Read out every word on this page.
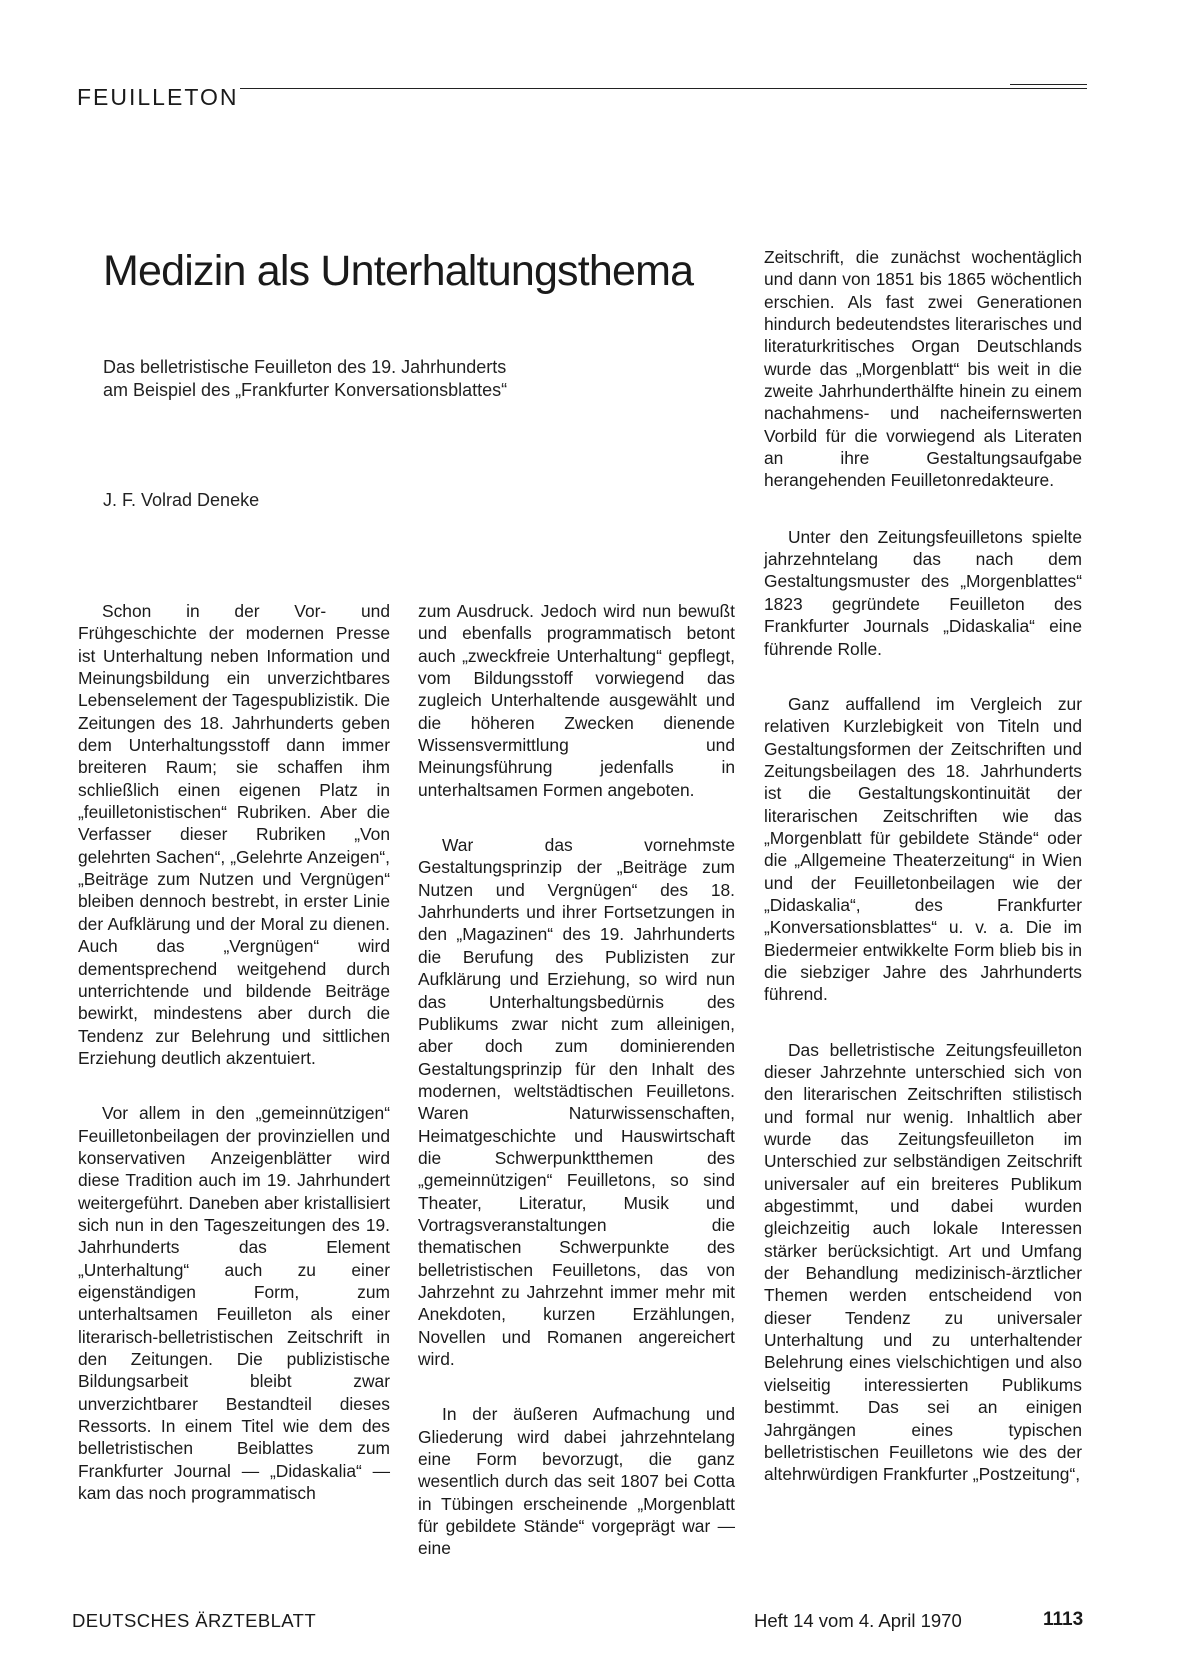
FEUILLETON
Medizin als Unterhaltungsthema
Das belletristische Feuilleton des 19. Jahrhunderts
am Beispiel des „Frankfurter Konversationsblattes“
J. F. Volrad Deneke

Schon in der Vor- und Frühgeschichte der modernen Presse ist Unterhaltung neben Information und Meinungsbildung ein unverzichtbares Lebenselement der Tagespublizistik. Die Zeitungen des 18. Jahrhunderts geben dem Unterhaltungsstoff dann immer breiteren Raum; sie schaffen ihm schließlich einen eigenen Platz in „feuilletonistischen“ Rubriken. Aber die Verfasser dieser Rubriken „Von gelehrten Sachen“, „Gelehrte Anzeigen“, „Beiträge zum Nutzen und Vergnügen“ bleiben dennoch bestrebt, in erster Linie der Aufklärung und der Moral zu dienen. Auch das „Vergnügen“ wird dementsprechend weitgehend durch unterrichtende und bildende Beiträge bewirkt, mindestens aber durch die Tendenz zur Belehrung und sittlichen Erziehung deutlich akzentuiert.

Vor allem in den „gemeinnützigen“ Feuilletonbeilagen der provinziellen und konservativen Anzeigenblätter wird diese Tradition auch im 19. Jahrhundert weitergeführt. Daneben aber kristallisiert sich nun in den Tageszeitungen des 19. Jahrhunderts das Element „Unterhaltung“ auch zu einer eigenständigen Form, zum unterhaltsamen Feuilleton als einer literarisch-belletristischen Zeitschrift in den Zeitungen. Die publizistische Bildungsarbeit bleibt zwar unverzichtbarer Bestandteil dieses Ressorts. In einem Titel wie dem des belletristischen Beiblattes zum Frankfurter Journal — „Didaskalia“ — kam das noch programmatisch

zum Ausdruck. Jedoch wird nun bewußt und ebenfalls programmatisch betont auch „zweckfreie Unterhaltung“ gepflegt, vom Bildungsstoff vorwiegend das zugleich Unterhaltende ausgewählt und die höheren Zwecken dienende Wissensvermittlung und Meinungsführung jedenfalls in unterhaltsamen Formen angeboten.

War das vornehmste Gestaltungsprinzip der „Beiträge zum Nutzen und Vergnügen“ des 18. Jahrhunderts und ihrer Fortsetzungen in den „Magazinen“ des 19. Jahrhunderts die Berufung des Publizisten zur Aufklärung und Erziehung, so wird nun das Unterhaltungsbedürnis des Publikums zwar nicht zum alleinigen, aber doch zum dominierenden Gestaltungsprinzip für den Inhalt des modernen, weltstädtischen Feuilletons. Waren Naturwissenschaften, Heimatgeschichte und Hauswirtschaft die Schwerpunktthemen des „gemeinnützigen“ Feuilletons, so sind Theater, Literatur, Musik und Vortragsveranstaltungen die thematischen Schwerpunkte des belletristischen Feuilletons, das von Jahrzehnt zu Jahrzehnt immer mehr mit Anekdoten, kurzen Erzählungen, Novellen und Romanen angereichert wird.

In der äußeren Aufmachung und Gliederung wird dabei jahrzehntelang eine Form bevorzugt, die ganz wesentlich durch das seit 1807 bei Cotta in Tübingen erscheinende „Morgenblatt für gebildete Stände“ vorgeprägt war — eine

Zeitschrift, die zunächst wochentäglich und dann von 1851 bis 1865 wöchentlich erschien. Als fast zwei Generationen hindurch bedeutendstes literarisches und literaturkritisches Organ Deutschlands wurde das „Morgenblatt“ bis weit in die zweite Jahrhunderthälfte hinein zu einem nachahmens- und nacheifernswerten Vorbild für die vorwiegend als Literaten an ihre Gestaltungsaufgabe herangehenden Feuilletonredakteure.

Unter den Zeitungsfeuilletons spielte jahrzehntelang das nach dem Gestaltungsmuster des „Morgenblattes“ 1823 gegründete Feuilleton des Frankfurter Journals „Didaskalia“ eine führende Rolle.

Ganz auffallend im Vergleich zur relativen Kurzlebigkeit von Titeln und Gestaltungsformen der Zeitschriften und Zeitungsbeilagen des 18. Jahrhunderts ist die Gestaltungskontinuität der literarischen Zeitschriften wie das „Morgenblatt für gebildete Stände“ oder die „Allgemeine Theaterzeitung“ in Wien und der Feuilletonbeilagen wie der „Didaskalia“, des Frankfurter „Konversationsblattes“ u. v. a. Die im Biedermeier entwikkelte Form blieb bis in die siebziger Jahre des Jahrhunderts führend.

Das belletristische Zeitungsfeuilleton dieser Jahrzehnte unterschied sich von den literarischen Zeitschriften stilistisch und formal nur wenig. Inhaltlich aber wurde das Zeitungsfeuilleton im Unterschied zur selbständigen Zeitschrift universaler auf ein breiteres Publikum abgestimmt, und dabei wurden gleichzeitig auch lokale Interessen stärker berücksichtigt. Art und Umfang der Behandlung medizinisch-ärztlicher Themen werden entscheidend von dieser Tendenz zu universaler Unterhaltung und zu unterhaltender Belehrung eines vielschichtigen und also vielseitig interessierten Publikums bestimmt. Das sei an einigen Jahrgängen eines typischen belletristischen Feuilletons wie des der altehrwürdigen Frankfurter „Postzeitung“,

DEUTSCHES ÄRZTEBLATT	Heft 14 vom 4. April 1970	1113
